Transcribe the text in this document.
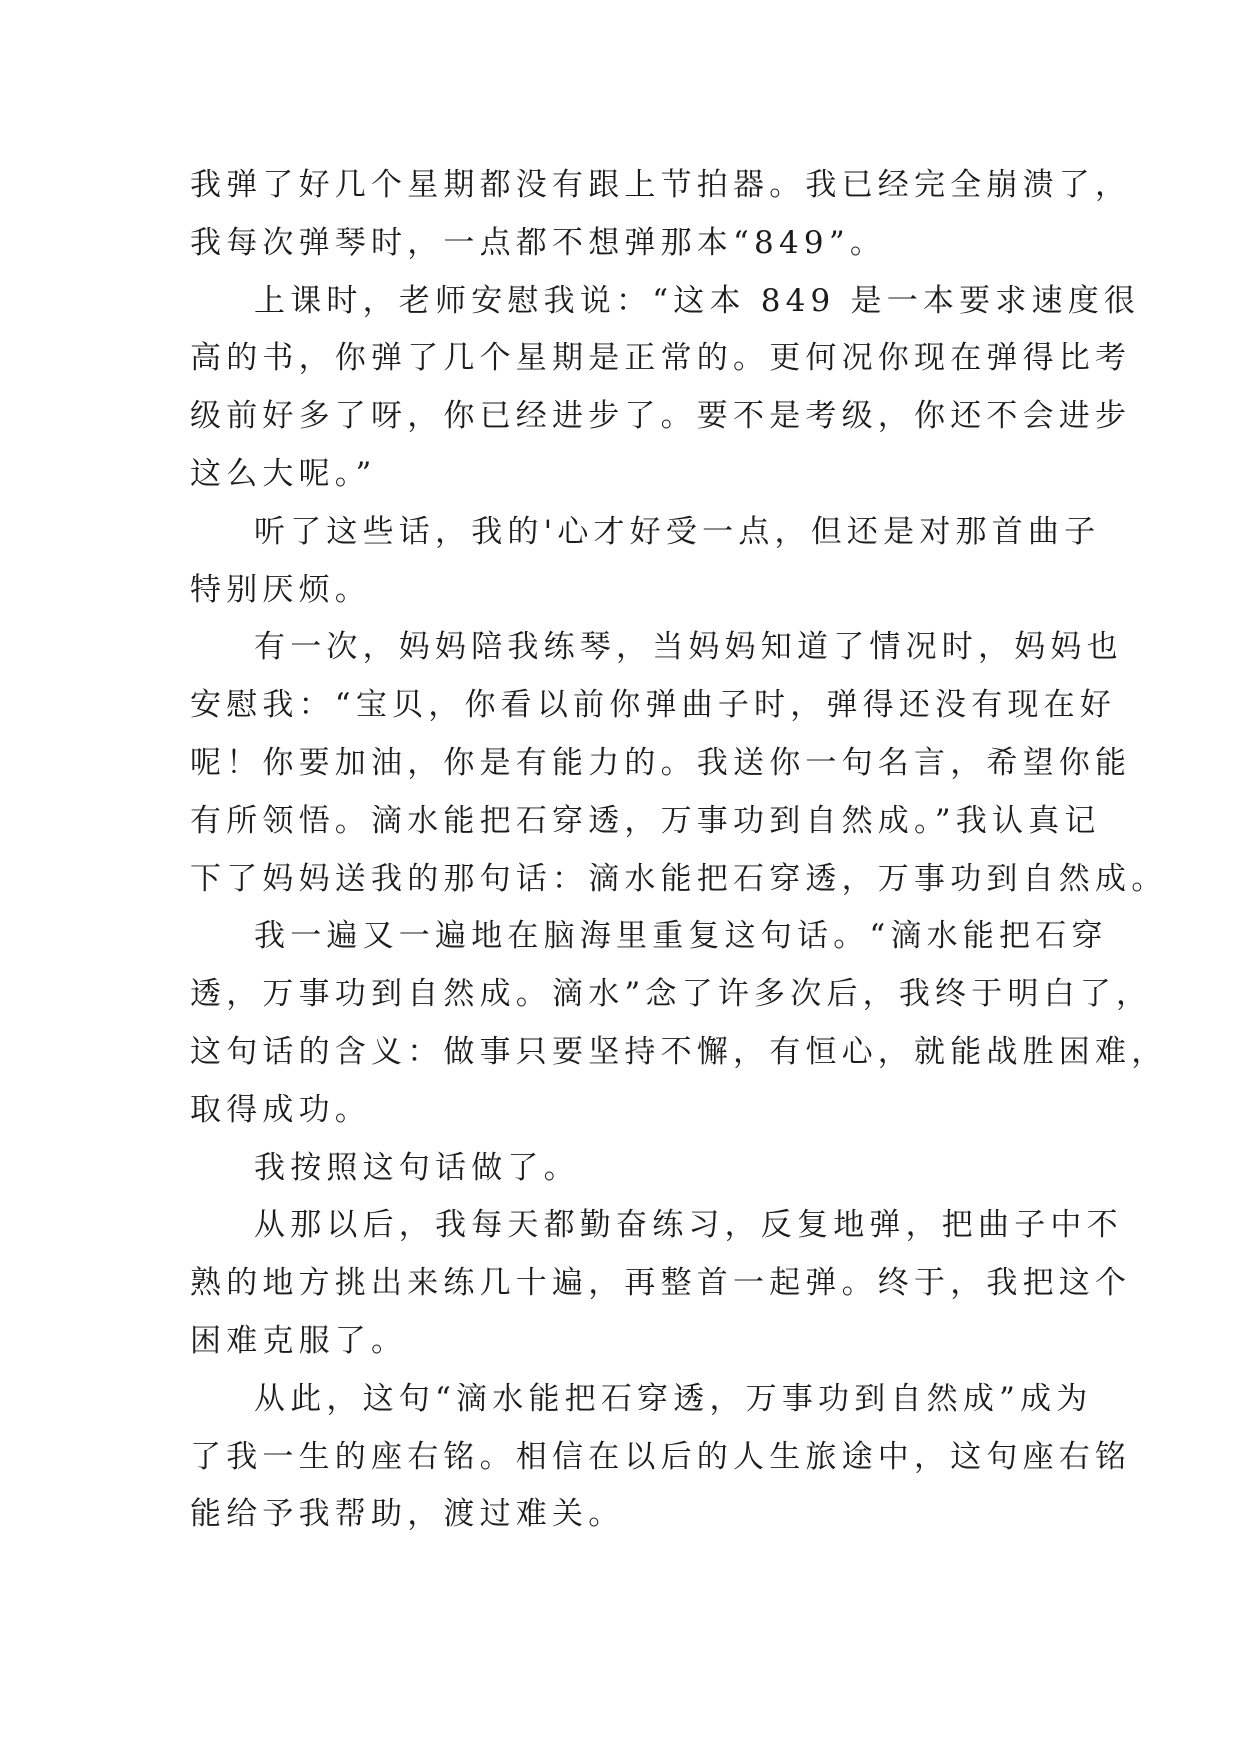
我弹了好几个星期都没有跟上节拍器。我已经完全崩溃了，
我每次弹琴时，一点都不想弹那本“849”。
上课时，老师安慰我说：“这本 849 是一本要求速度很
高的书，你弹了几个星期是正常的。更何况你现在弹得比考
级前好多了呀，你已经进步了。要不是考级，你还不会进步
这么大呢。”
听了这些话，我的'心才好受一点，但还是对那首曲子
特别厌烦。
有一次，妈妈陪我练琴，当妈妈知道了情况时，妈妈也
安慰我：“宝贝，你看以前你弹曲子时，弹得还没有现在好
呢！你要加油，你是有能力的。我送你一句名言，希望你能
有所领悟。滴水能把石穿透，万事功到自然成。”我认真记
下了妈妈送我的那句话：滴水能把石穿透，万事功到自然成。
我一遍又一遍地在脑海里重复这句话。“滴水能把石穿
透，万事功到自然成。滴水”念了许多次后，我终于明白了，
这句话的含义：做事只要坚持不懈，有恒心，就能战胜困难，
取得成功。
我按照这句话做了。
从那以后，我每天都勤奋练习，反复地弹，把曲子中不
熟的地方挑出来练几十遍，再整首一起弹。终于，我把这个
困难克服了。
从此，这句“滴水能把石穿透，万事功到自然成”成为
了我一生的座右铭。相信在以后的人生旅途中，这句座右铭
能给予我帮助，渡过难关。
